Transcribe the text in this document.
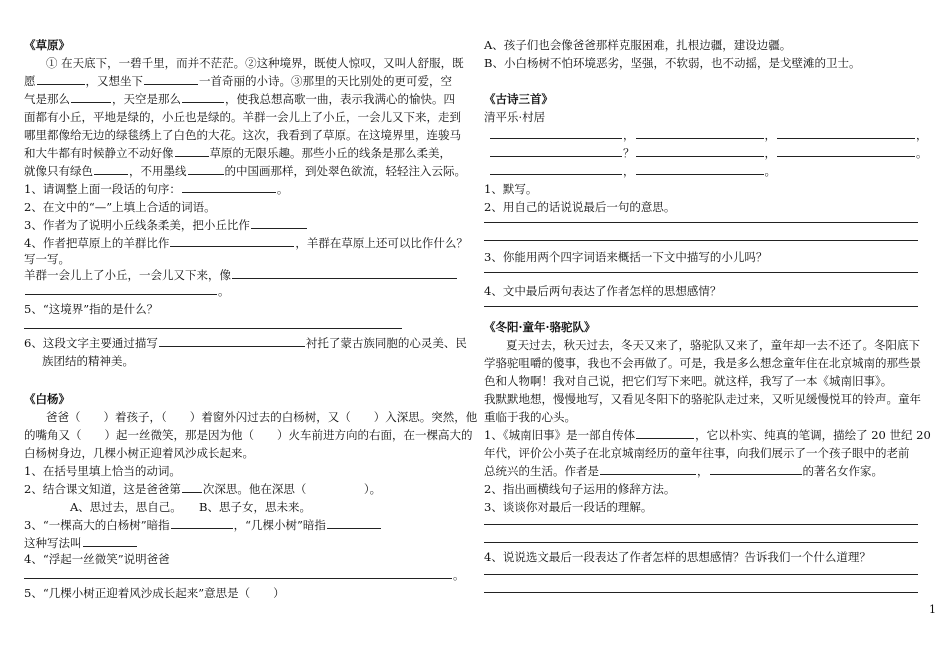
《草原》
① 在天底下，一碧千里，而并不茫茫。②这种境界，既使人惊叹，又叫人舒服，既
愿	，又想坐下	一首奇丽的小诗。③那里的天比别处的更可爱，空
气是那么	，天空是那么	，使我总想高歌一曲，表示我满心的愉快。四
面都有小丘，平地是绿的，小丘也是绿的。羊群一会儿上了小丘，一会儿又下来，走到
哪里都像给无边的绿毯绣上了白色的大花。这次，我看到了草原。在这境界里，连骏马
和大牛都有时候静立不动好像	草原的无限乐趣。那些小丘的线条是那么柔美，
就像只有绿色	，不用墨线	的中国画那样，到处翠色欲流，轻轻注入云际。
1、请调整上面一段话的句序：	。
2、在文中的“—”上填上合适的词语。
3、作者为了说明小丘线条柔美，把小丘比作
4、作者把草原上的羊群比作	，羊群在草原上还可以比作什么？
写一写。
羊群一会儿上了小丘，一会儿又下来，像
。
5、“这境界”指的是什么？
6、这段文字主要通过描写	衬托了蒙古族同胞的心灵美、民
族团结的精神美。
《白杨》
爸爸（　　）着孩子，（　　）着窗外闪过去的白杨树，又（　　）入深思。突然，他
的嘴角又（　　）起一丝微笑，那是因为他（　　）火车前进方向的右面，在一棵高大的
白杨树身边，几棵小树正迎着风沙成长起来。
1、在括号里填上恰当的动词。
2、结合课文知道，这是爸爸第 次深思。他在深思（　　　　　）。
A、思过去，思自己。　　B、思子女，思未来。
3、“一棵高大的白杨树”暗指	，“几棵小树”暗指
这种写法叫
4、“浮起一丝微笑”说明爸爸
。
5、“几棵小树正迎着风沙成长起来”意思是（　　）
A、孩子们也会像爸爸那样克服困难，扎根边疆，建设边疆。
B、小白杨树不怕环境恶劣，坚强，不软弱，也不动摇，是戈壁滩的卫士。
《古诗三首》
清平乐·村居
，	，	，
？	，	。
，	。
1、默写。
2、用自己的话说说最后一句的意思。
3、你能用两个四字词语来概括一下文中描写的小儿吗？
4、文中最后两句表达了作者怎样的思想感情？
《冬阳·童年·骆驼队》
夏天过去，秋天过去，冬天又来了，骆驼队又来了，童年却一去不还了。冬阳底下
学骆驼咀嚼的傻事，我也不会再做了。可是，我是多么想念童年住在北京城南的那些景
色和人物啊！我对自己说，把它们写下来吧。就这样，我写了一本《城南旧事》。
我默默地想，慢慢地写，又看见冬阳下的骆驼队走过来，又听见缓慢悦耳的铃声。童年
重临于我的心头。
1、《城南旧事》是一部自传体	，它以朴实、纯真的笔调，描绘了 20 世纪 20
年代，评价公小英子在北京城南经历的童年往事，向我们展示了一个孩子眼中的老前
总统兴的生活。作者是	，	的著名女作家。
2、指出画横线句子运用的修辞方法。
3、谈谈你对最后一段话的理解。
4、说说选文最后一段表达了作者怎样的思想感情？告诉我们一个什么道理？
1
